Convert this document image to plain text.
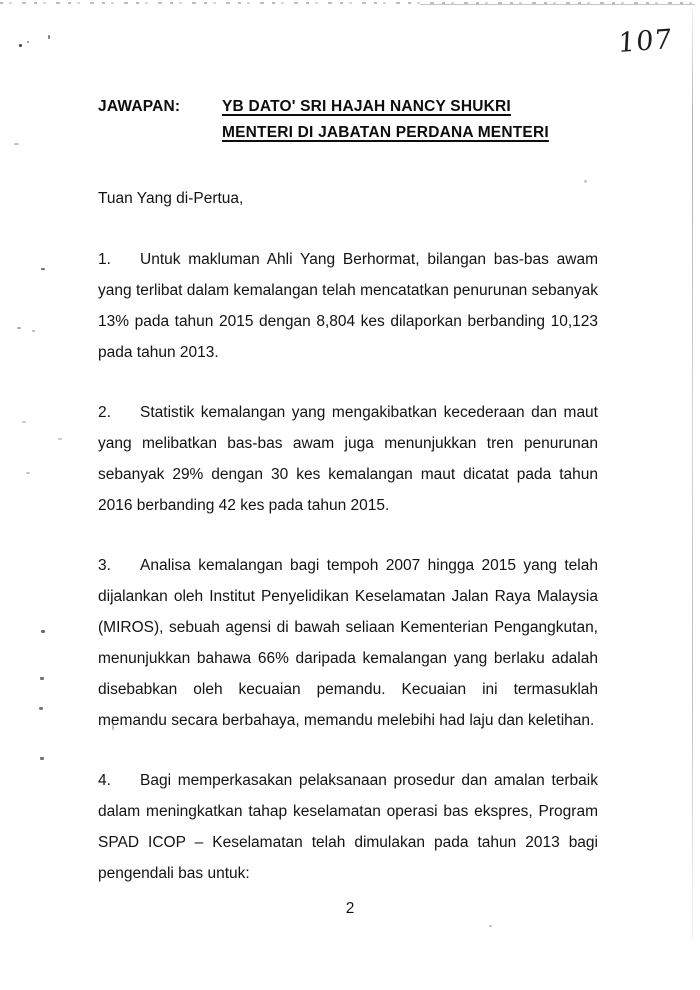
107
JAWAPAN:	YB DATO' SRI HAJAH NANCY SHUKRI
MENTERI DI JABATAN PERDANA MENTERI
Tuan Yang di-Pertua,
1. Untuk makluman Ahli Yang Berhormat, bilangan bas-bas awam yang terlibat dalam kemalangan telah mencatatkan penurunan sebanyak 13% pada tahun 2015 dengan 8,804 kes dilaporkan berbanding 10,123 pada tahun 2013.
2. Statistik kemalangan yang mengakibatkan kecederaan dan maut yang melibatkan bas-bas awam juga menunjukkan tren penurunan sebanyak 29% dengan 30 kes kemalangan maut dicatat pada tahun 2016 berbanding 42 kes pada tahun 2015.
3. Analisa kemalangan bagi tempoh 2007 hingga 2015 yang telah dijalankan oleh Institut Penyelidikan Keselamatan Jalan Raya Malaysia (MIROS), sebuah agensi di bawah seliaan Kementerian Pengangkutan, menunjukkan bahawa 66% daripada kemalangan yang berlaku adalah disebabkan oleh kecuaian pemandu. Kecuaian ini termasuklah memandu secara berbahaya, memandu melebihi had laju dan keletihan.
4. Bagi memperkasakan pelaksanaan prosedur dan amalan terbaik dalam meningkatkan tahap keselamatan operasi bas ekspres, Program SPAD ICOP – Keselamatan telah dimulakan pada tahun 2013 bagi pengendali bas untuk:
2
